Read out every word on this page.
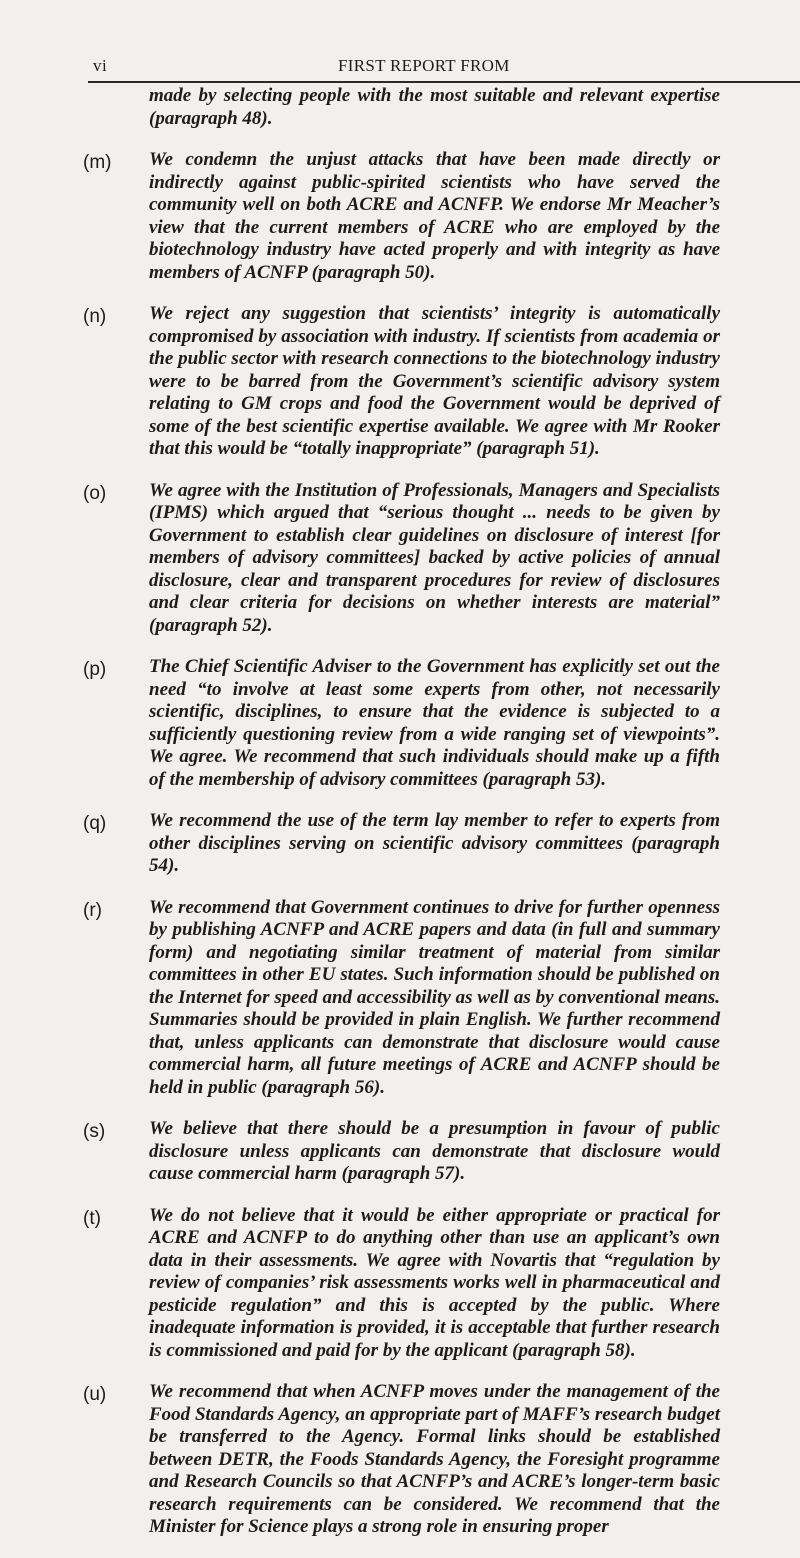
vi	FIRST REPORT FROM
made by selecting people with the most suitable and relevant expertise (paragraph 48).
(m) We condemn the unjust attacks that have been made directly or indirectly against public-spirited scientists who have served the community well on both ACRE and ACNFP. We endorse Mr Meacher’s view that the current members of ACRE who are employed by the biotechnology industry have acted properly and with integrity as have members of ACNFP (paragraph 50).
(n) We reject any suggestion that scientists’ integrity is automatically compromised by association with industry. If scientists from academia or the public sector with research connections to the biotechnology industry were to be barred from the Government’s scientific advisory system relating to GM crops and food the Government would be deprived of some of the best scientific expertise available. We agree with Mr Rooker that this would be “totally inappropriate” (paragraph 51).
(o) We agree with the Institution of Professionals, Managers and Specialists (IPMS) which argued that “serious thought ... needs to be given by Government to establish clear guidelines on disclosure of interest [for members of advisory committees] backed by active policies of annual disclosure, clear and transparent procedures for review of disclosures and clear criteria for decisions on whether interests are material” (paragraph 52).
(p) The Chief Scientific Adviser to the Government has explicitly set out the need “to involve at least some experts from other, not necessarily scientific, disciplines, to ensure that the evidence is subjected to a sufficiently questioning review from a wide ranging set of viewpoints”. We agree. We recommend that such individuals should make up a fifth of the membership of advisory committees (paragraph 53).
(q) We recommend the use of the term lay member to refer to experts from other disciplines serving on scientific advisory committees (paragraph 54).
(r) We recommend that Government continues to drive for further openness by publishing ACNFP and ACRE papers and data (in full and summary form) and negotiating similar treatment of material from similar committees in other EU states. Such information should be published on the Internet for speed and accessibility as well as by conventional means. Summaries should be provided in plain English. We further recommend that, unless applicants can demonstrate that disclosure would cause commercial harm, all future meetings of ACRE and ACNFP should be held in public (paragraph 56).
(s) We believe that there should be a presumption in favour of public disclosure unless applicants can demonstrate that disclosure would cause commercial harm (paragraph 57).
(t)	We do not believe that it would be either appropriate or practical for ACRE and ACNFP to do anything other than use an applicant’s own data in their assessments. We agree with Novartis that “regulation by review of companies’ risk assessments works well in pharmaceutical and pesticide regulation” and this is accepted by the public. Where inadequate information is provided, it is acceptable that further research is commissioned and paid for by the applicant (paragraph 58).
(u) We recommend that when ACNFP moves under the management of the Food Standards Agency, an appropriate part of MAFF’s research budget be transferred to the Agency. Formal links should be established between DETR, the Foods Standards Agency, the Foresight programme and Research Councils so that ACNFP’s and ACRE’s longer-term basic research requirements can be considered. We recommend that the Minister for Science plays a strong role in ensuring proper
